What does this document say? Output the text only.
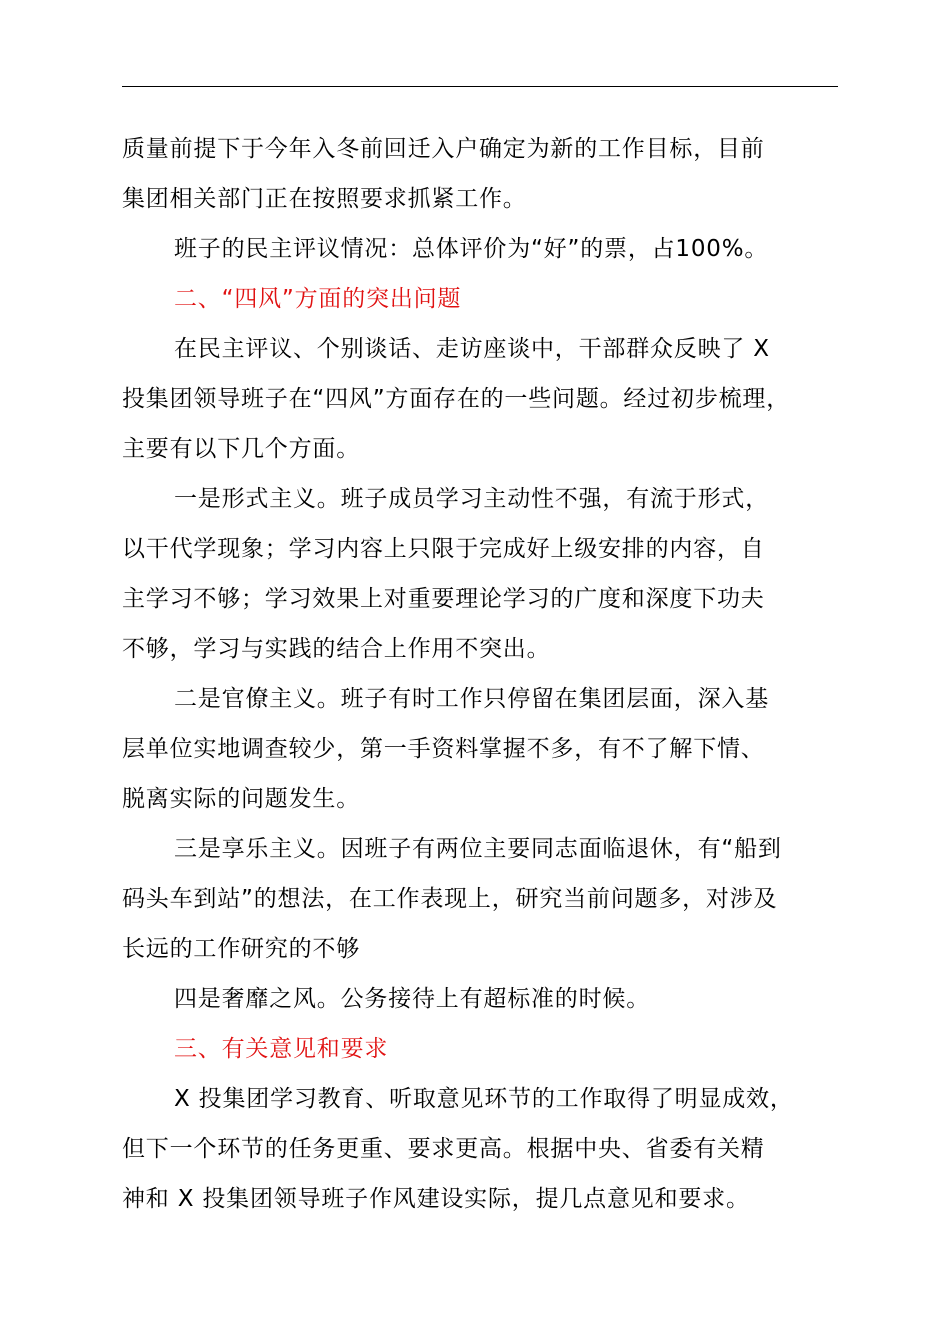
质量前提下于今年入冬前回迁入户确定为新的工作目标，目前
集团相关部门正在按照要求抓紧工作。
班子的民主评议情况：总体评价为“好”的票，占100%。
二、“四风”方面的突出问题
在民主评议、个别谈话、走访座谈中，干部群众反映了 X
投集团领导班子在“四风”方面存在的一些问题。经过初步梳理，
主要有以下几个方面。
一是形式主义。班子成员学习主动性不强，有流于形式，
以干代学现象；学习内容上只限于完成好上级安排的内容，自
主学习不够；学习效果上对重要理论学习的广度和深度下功夫
不够，学习与实践的结合上作用不突出。
二是官僚主义。班子有时工作只停留在集团层面，深入基
层单位实地调查较少，第一手资料掌握不多，有不了解下情、
脱离实际的问题发生。
三是享乐主义。因班子有两位主要同志面临退休，有“船到
码头车到站”的想法，在工作表现上，研究当前问题多，对涉及
长远的工作研究的不够
四是奢靡之风。公务接待上有超标准的时候。
三、有关意见和要求
X 投集团学习教育、听取意见环节的工作取得了明显成效，
但下一个环节的任务更重、要求更高。根据中央、省委有关精
神和 X 投集团领导班子作风建设实际，提几点意见和要求。
